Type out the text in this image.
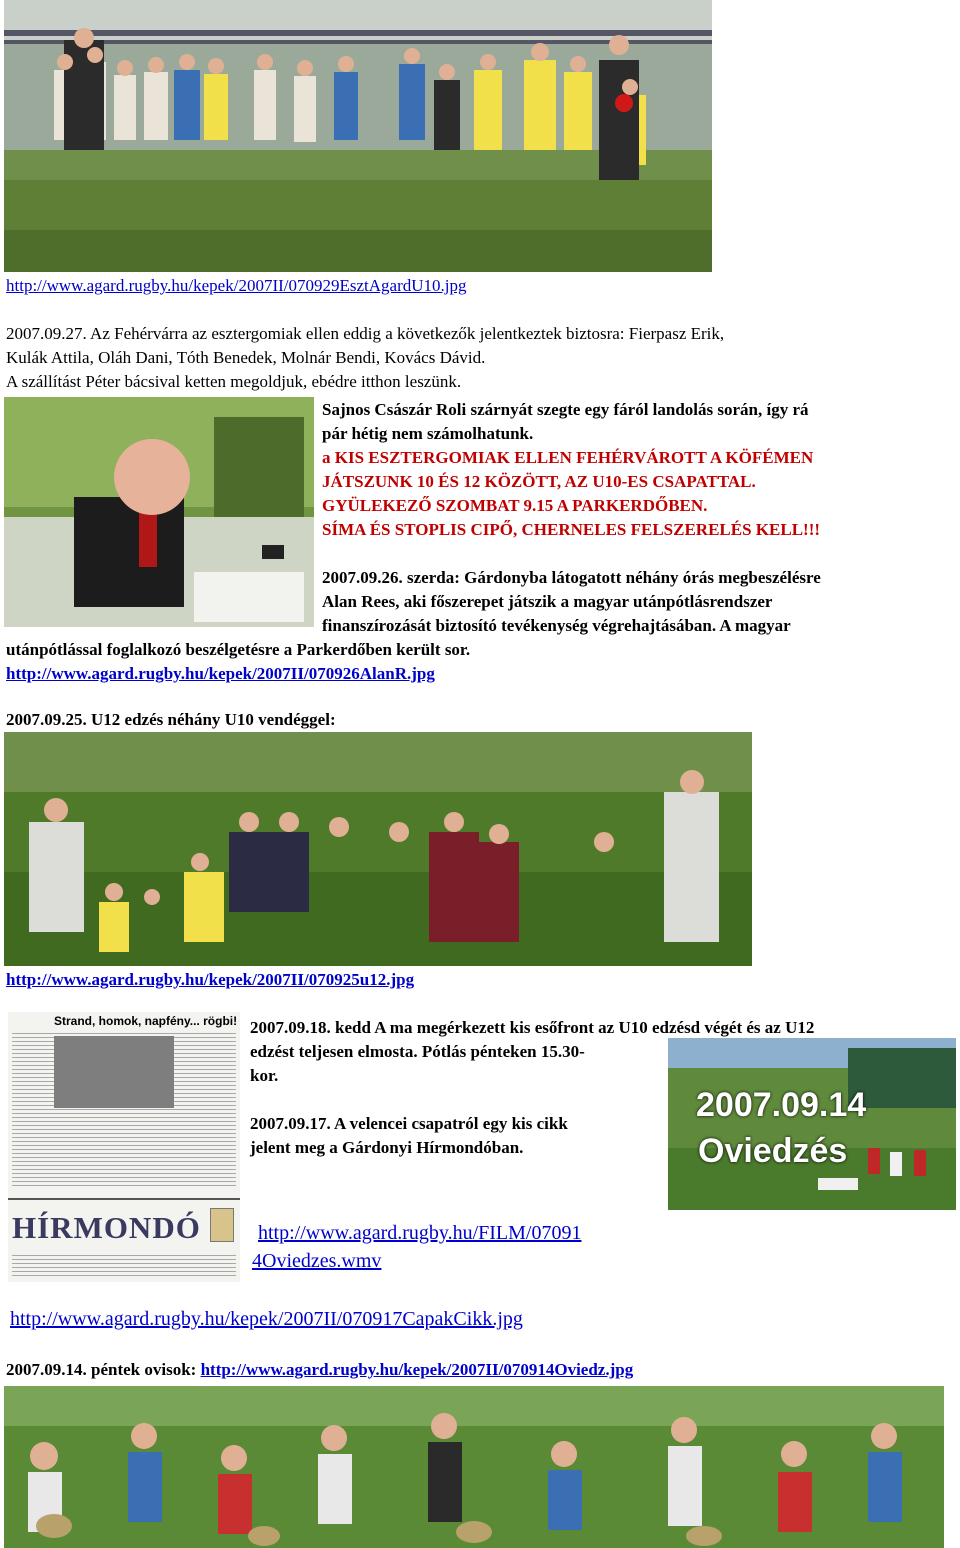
http://www.agard.rugby.hu/kepek/2007II/070929EsztAgardU10.jpg
2007.09.27. Az Fehérvárra az esztergomiak ellen eddig a következők jelentkeztek biztosra: Fierpasz Erik,
Kulák Attila, Oláh Dani, Tóth Benedek, Molnár Bendi, Kovács Dávid.
A szállítást Péter bácsival ketten megoldjuk, ebédre itthon leszünk.
Sajnos Császár Roli szárnyát szegte egy fáról landolás során, így rá
pár hétig nem számolhatunk.
a KIS ESZTERGOMIAK ELLEN FEHÉRVÁROTT A KÖFÉMEN
JÁTSZUNK 10 ÉS 12 KÖZÖTT, AZ U10-ES CSAPATTAL.
GYÜLEKEZŐ SZOMBAT 9.15 A PARKERDŐBEN.
SÍMA ÉS STOPLIS CIPŐ, CHERNELES FELSZERELÉS KELL!!!
2007.09.26. szerda: Gárdonyba látogatott néhány órás megbeszélésre
Alan Rees, aki főszerepet játszik a magyar utánpótlásrendszer
finanszírozását biztosító tevékenység végrehajtásában. A magyar
utánpótlással foglalkozó beszélgetésre a Parkerdőben került sor.
http://www.agard.rugby.hu/kepek/2007II/070926AlanR.jpg
2007.09.25. U12 edzés néhány U10 vendéggel:
http://www.agard.rugby.hu/kepek/2007II/070925u12.jpg
Strand, homok, napfény... rögbi!
HÍRMONDÓ
2007.09.18. kedd A ma megérkezett kis esőfront az U10 edzésd végét és az U12
edzést teljesen elmosta. Pótlás pénteken 15.30-
kor.
2007.09.17. A velencei csapatról egy kis cikk
jelent meg a Gárdonyi Hírmondóban.
2007.09.14
Oviedzés
http://www.agard.rugby.hu/FILM/07091
4Oviedzes.wmv
http://www.agard.rugby.hu/kepek/2007II/070917CapakCikk.jpg
2007.09.14. péntek ovisok: http://www.agard.rugby.hu/kepek/2007II/070914Oviedz.jpg
